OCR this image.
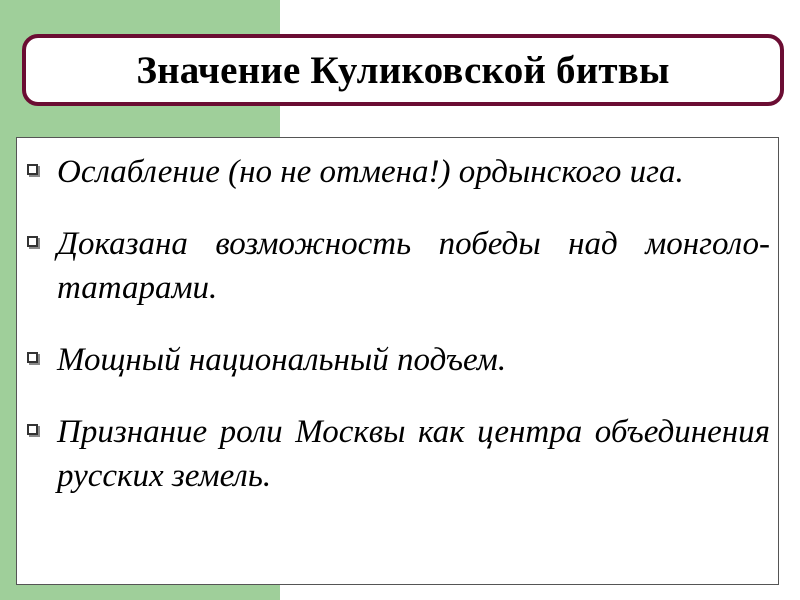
Значение Куликовской битвы
Ослабление (но не отмена!) ордынского ига.
Доказана возможность победы над монголо-татарами.
Мощный национальный подъем.
Признание роли Москвы как центра объединения русских земель.
